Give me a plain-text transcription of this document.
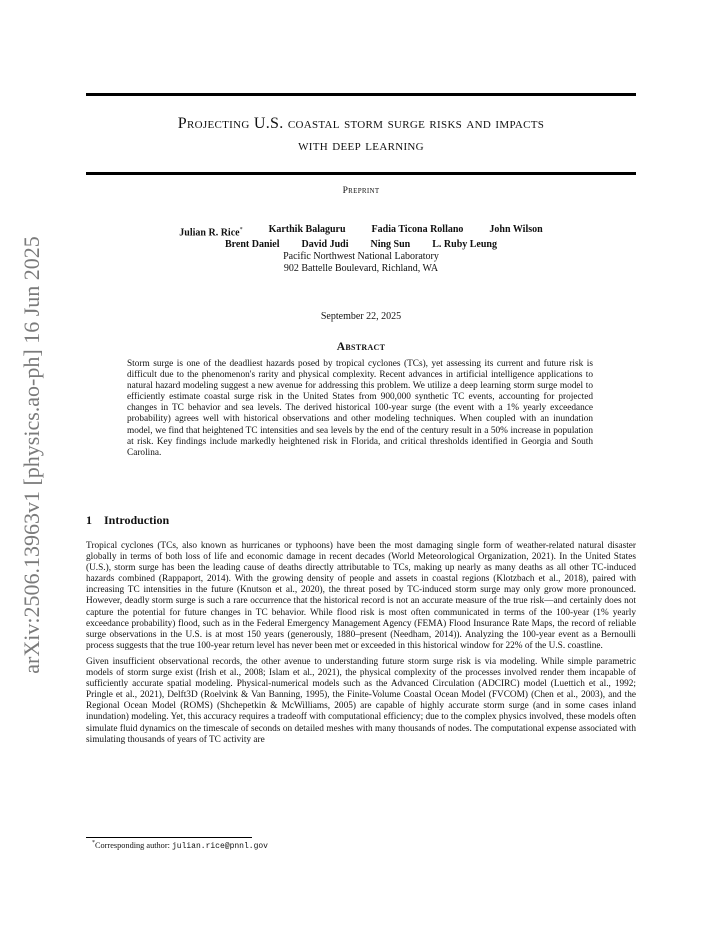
arXiv:2506.13963v1 [physics.ao-ph] 16 Jun 2025
Projecting U.S. coastal storm surge risks and impacts
with deep learning
Preprint
Julian R. Rice*	Karthik Balaguru	Fadia Ticona Rollano	John Wilson
Brent Daniel David Judi Ning Sun L. Ruby Leung
Pacific Northwest National Laboratory
902 Battelle Boulevard, Richland, WA
September 22, 2025
Abstract
Storm surge is one of the deadliest hazards posed by tropical cyclones (TCs), yet assessing its current and future risk is difficult due to the phenomenon's rarity and physical complexity. Recent advances in artificial intelligence applications to natural hazard modeling suggest a new avenue for addressing this problem. We utilize a deep learning storm surge model to efficiently estimate coastal surge risk in the United States from 900,000 synthetic TC events, accounting for projected changes in TC behavior and sea levels. The derived historical 100-year surge (the event with a 1% yearly exceedance probability) agrees well with historical observations and other modeling techniques. When coupled with an inundation model, we find that heightened TC intensities and sea levels by the end of the century result in a 50% increase in population at risk. Key findings include markedly heightened risk in Florida, and critical thresholds identified in Georgia and South Carolina.
1 Introduction

Tropical cyclones (TCs, also known as hurricanes or typhoons) have been the most damaging single form of weather-related natural disaster globally in terms of both loss of life and economic damage in recent decades (World Meteorological Organization, 2021). In the United States (U.S.), storm surge has been the leading cause of deaths directly attributable to TCs, making up nearly as many deaths as all other TC-induced hazards combined (Rappaport, 2014). With the growing density of people and assets in coastal regions (Klotzbach et al., 2018), paired with increasing TC intensities in the future (Knutson et al., 2020), the threat posed by TC-induced storm surge may only grow more pronounced. However, deadly storm surge is such a rare occurrence that the historical record is not an accurate measure of the true risk—and certainly does not capture the potential for future changes in TC behavior. While flood risk is most often communicated in terms of the 100-year (1% yearly exceedance probability) flood, such as in the Federal Emergency Management Agency (FEMA) Flood Insurance Rate Maps, the record of reliable surge observations in the U.S. is at most 150 years (generously, 1880–present (Needham, 2014)). Analyzing the 100-year event as a Bernoulli process suggests that the true 100-year return level has never been met or exceeded in this historical window for 22% of the U.S. coastline.

Given insufficient observational records, the other avenue to understanding future storm surge risk is via modeling. While simple parametric models of storm surge exist (Irish et al., 2008; Islam et al., 2021), the physical complexity of the processes involved render them incapable of sufficiently accurate spatial modeling. Physical-numerical models such as the Advanced Circulation (ADCIRC) model (Luettich et al., 1992; Pringle et al., 2021), Delft3D (Roelvink & Van Banning, 1995), the Finite-Volume Coastal Ocean Model (FVCOM) (Chen et al., 2003), and the Regional Ocean Model (ROMS) (Shchepetkin & McWilliams, 2005) are capable of highly accurate storm surge (and in some cases inland inundation) modeling. Yet, this accuracy requires a tradeoff with computational efficiency; due to the complex physics involved, these models often simulate fluid dynamics on the timescale of seconds on detailed meshes with many thousands of nodes. The computational expense associated with simulating thousands of years of TC activity are

*Corresponding author: julian.rice@pnnl.gov
